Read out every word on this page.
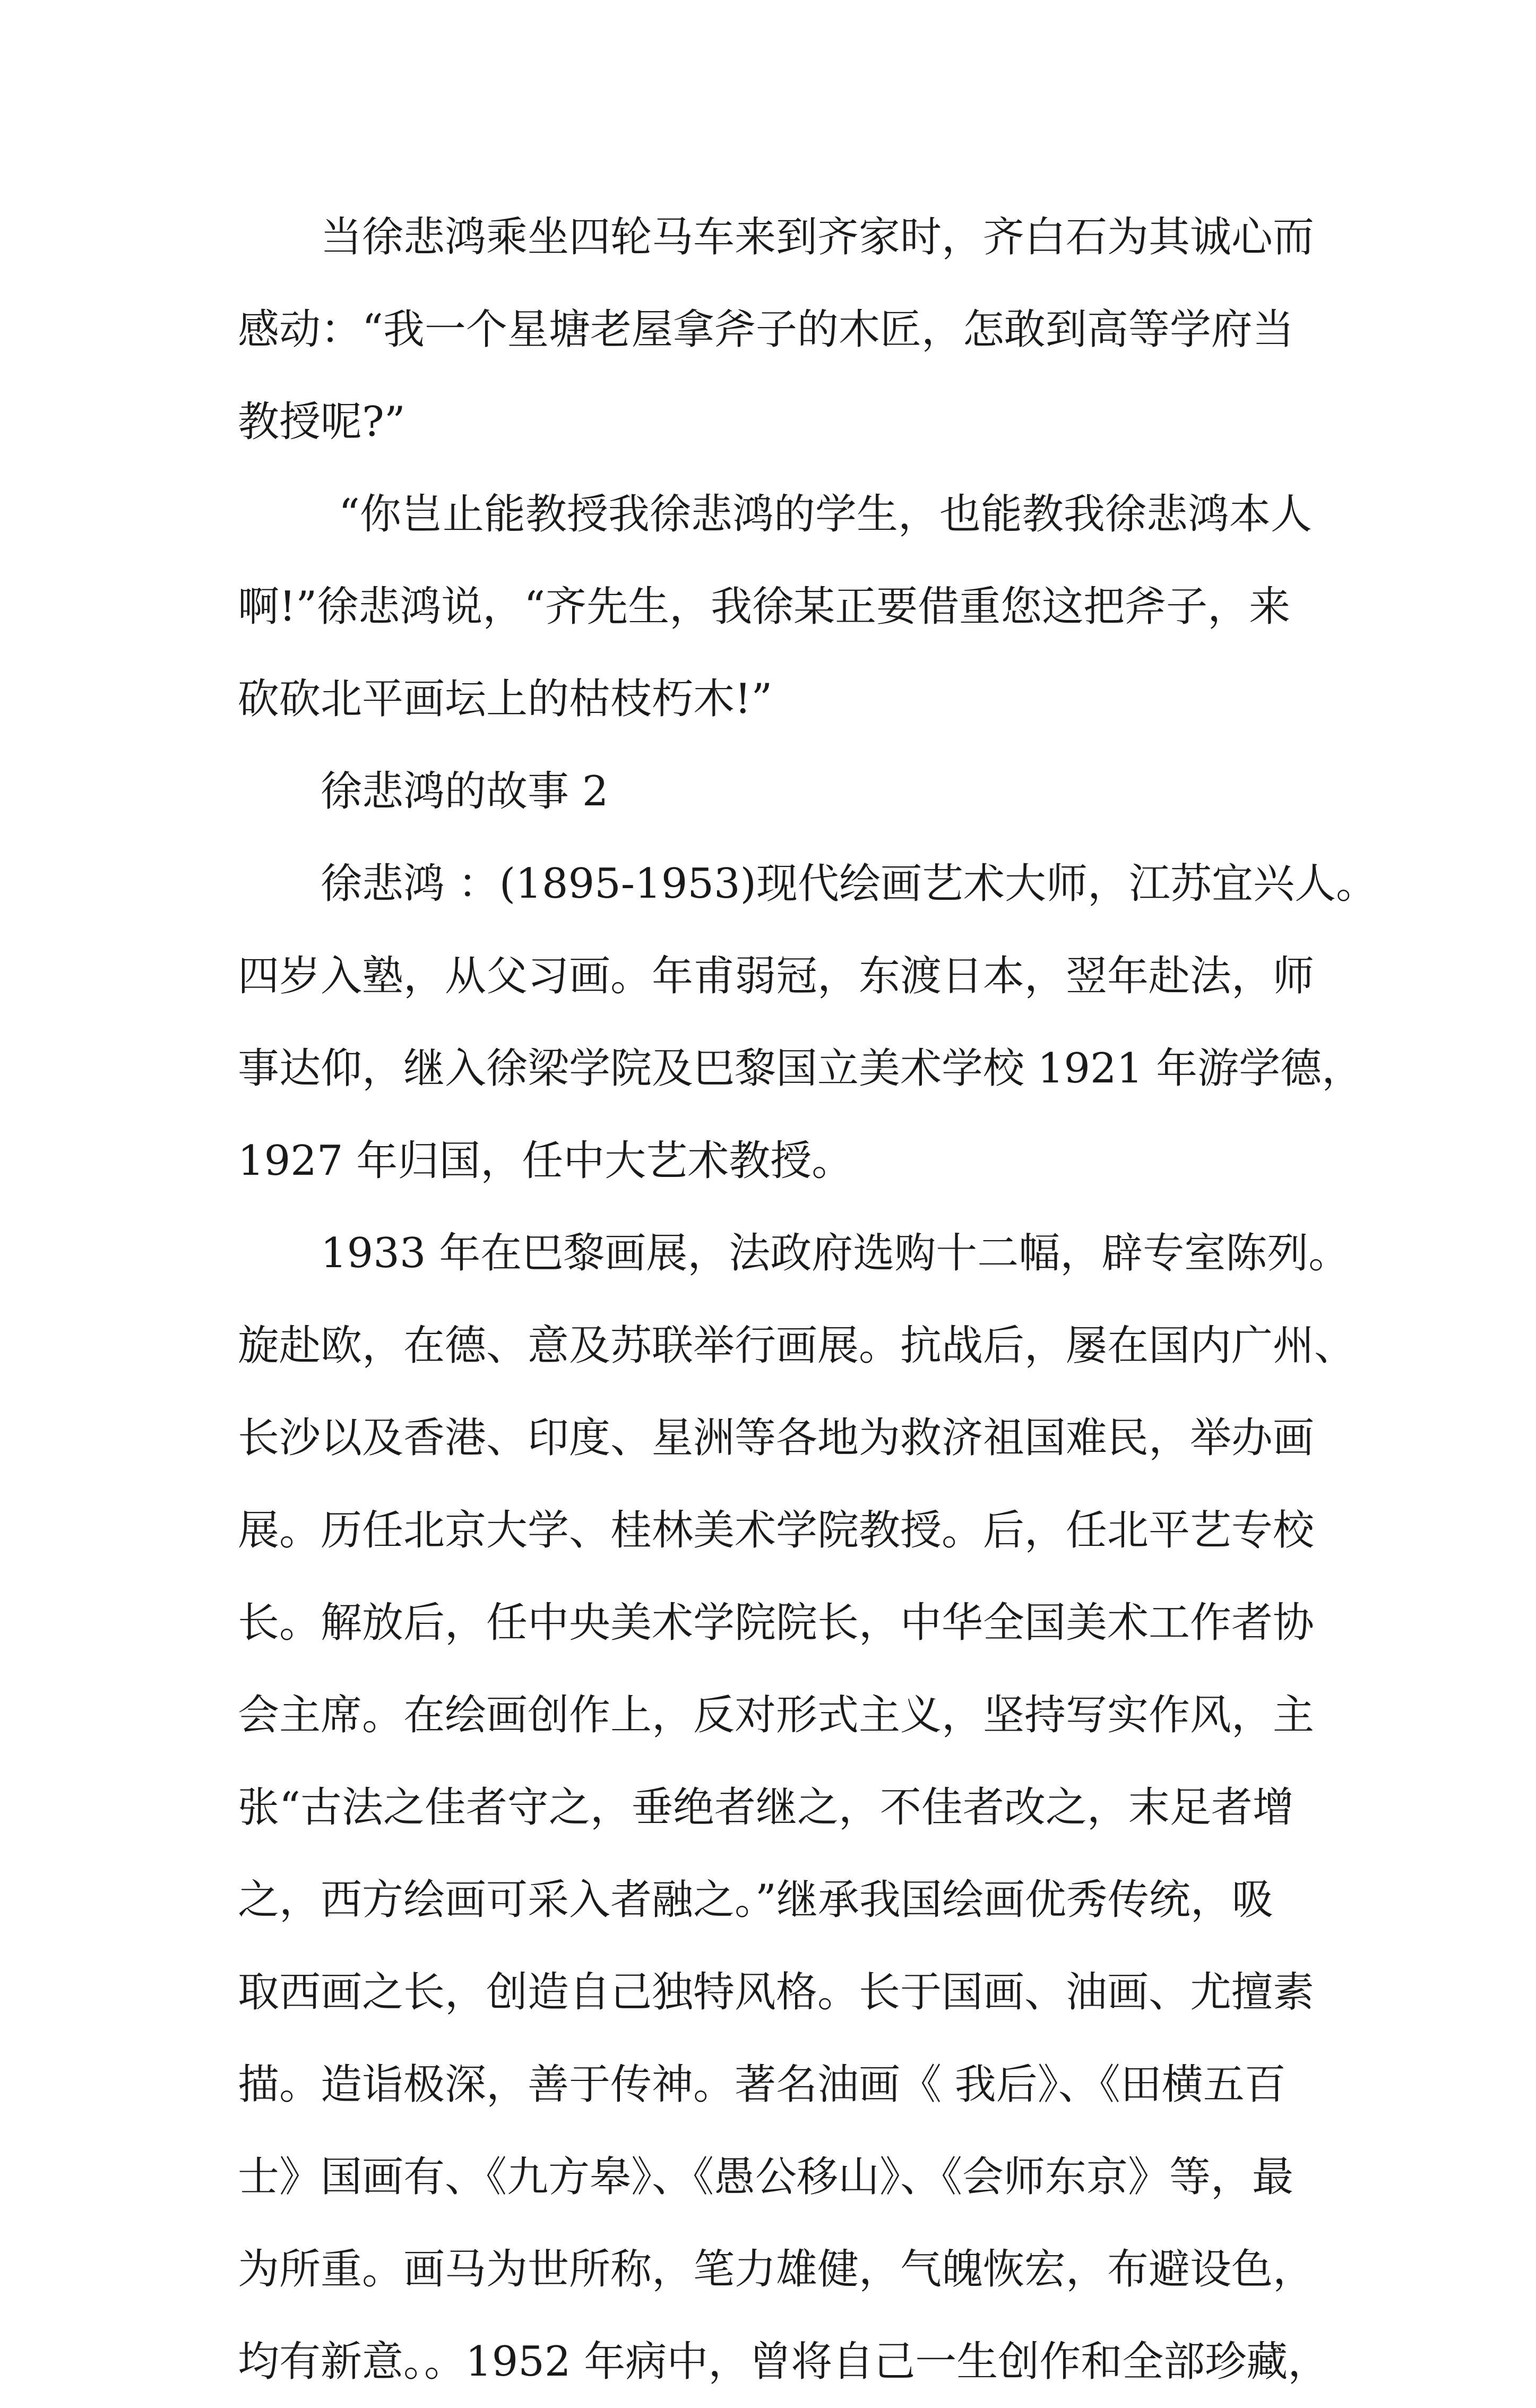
当徐悲鸿乘坐四轮马车来到齐家时，齐白石为其诚心而
感动：“我一个星塘老屋拿斧子的木匠，怎敢到高等学府当
教授呢?”
“你岂止能教授我徐悲鸿的学生，也能教我徐悲鸿本人
啊!”徐悲鸿说，“齐先生，我徐某正要借重您这把斧子，来
砍砍北平画坛上的枯枝朽木!”
徐悲鸿的故事 2
徐悲鸿 ：(1895-1953)现代绘画艺术大师，江苏宜兴人。
四岁入塾，从父习画。年甫弱冠，东渡日本，翌年赴法，师
事达仰，继入徐梁学院及巴黎国立美术学校 1921 年游学德，
1927 年归国，任中大艺术教授。
1933 年在巴黎画展，法政府选购十二幅，辟专室陈列。
旋赴欧，在德、意及苏联举行画展。抗战后，屡在国内广州、
长沙以及香港、印度、星洲等各地为救济祖国难民，举办画
展。历任北京大学、桂林美术学院教授。后，任北平艺专校
长。解放后，任中央美术学院院长，中华全国美术工作者协
会主席。在绘画创作上，反对形式主义，坚持写实作风，主
张“古法之佳者守之，垂绝者继之，不佳者改之，末足者增
之，西方绘画可采入者融之。”继承我国绘画优秀传统，吸
取西画之长，创造自己独特风格。长于国画、油画、尤擅素
描。造诣极深，善于传神。著名油画《 我后》、《田横五百
士》国画有、《九方皋》、《愚公移山》、《会师东京》等，最
为所重。画马为世所称，笔力雄健，气魄恢宏，布避设色，
均有新意。。1952 年病中，曾将自己一生创作和全部珍藏，
